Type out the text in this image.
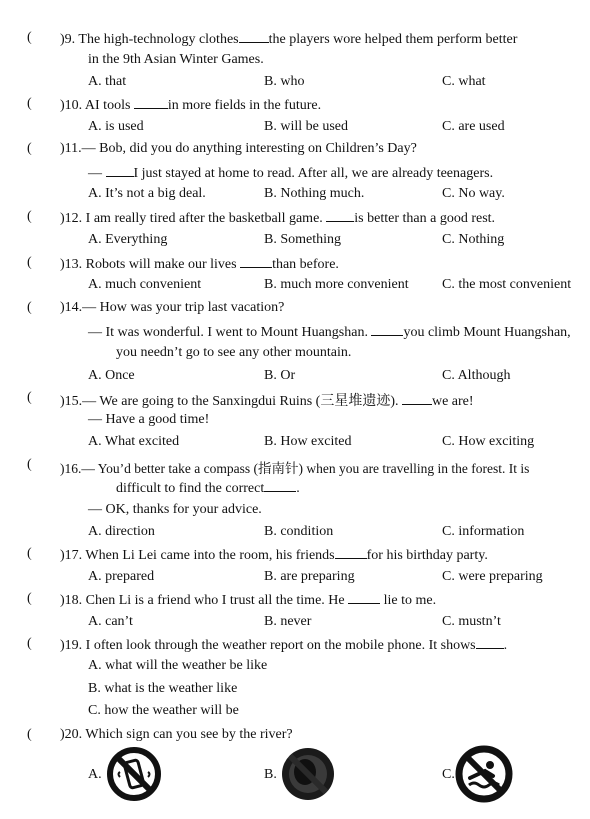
( )9. The high-technology clothes the players wore helped them perform better
in the 9th Asian Winter Games.
A. that	B. who	C. what
( )10. AI tools	in more fields in the future.
A. is used	B. will be used	C. are used
( )11.— Bob, did you do anything interesting on Children’s Day?
— I just stayed at home to read. After all, we are already teenagers.
A. It’s not a big deal.	B. Nothing much.	C. No way.
( )12. I am really tired after the basketball game. is better than a good rest.
A. Everything	B. Something	C. Nothing
( )13. Robots will make our lives	than before.
A. much convenient	B. much more convenient C. the most convenient
( )14.— How was your trip last vacation?
— It was wonderful. I went to Mount Huangshan.	you climb Mount Huangshan,
you needn’t go to see any other mountain.
A. Once	B. Or	C. Although
( )15.— We are going to the Sanxingdui Ruins (三星堆遗迹). we are!
— Have a good time!
A. What excited	B. How excited	C. How exciting
( )16.— You’d better take a compass (指南针) when you are travelling in the forest. It is
difficult to find the correct .
— OK, thanks for your advice.
A. direction	B. condition	C. information
( )17. When Li Lei came into the room, his friends for his birthday party.
A. prepared	B. are preparing	C. were preparing
( )18. Chen Li is a friend who I trust all the time. He	lie to me.
A. can’t	B. never	C. mustn’t
( )19. I often look through the weather report on the mobile phone. It shows .
A. what will the weather be like
B. what is the weather like
C. how the weather will be
( )20. Which sign can you see by the river?
A.	B.	C.
